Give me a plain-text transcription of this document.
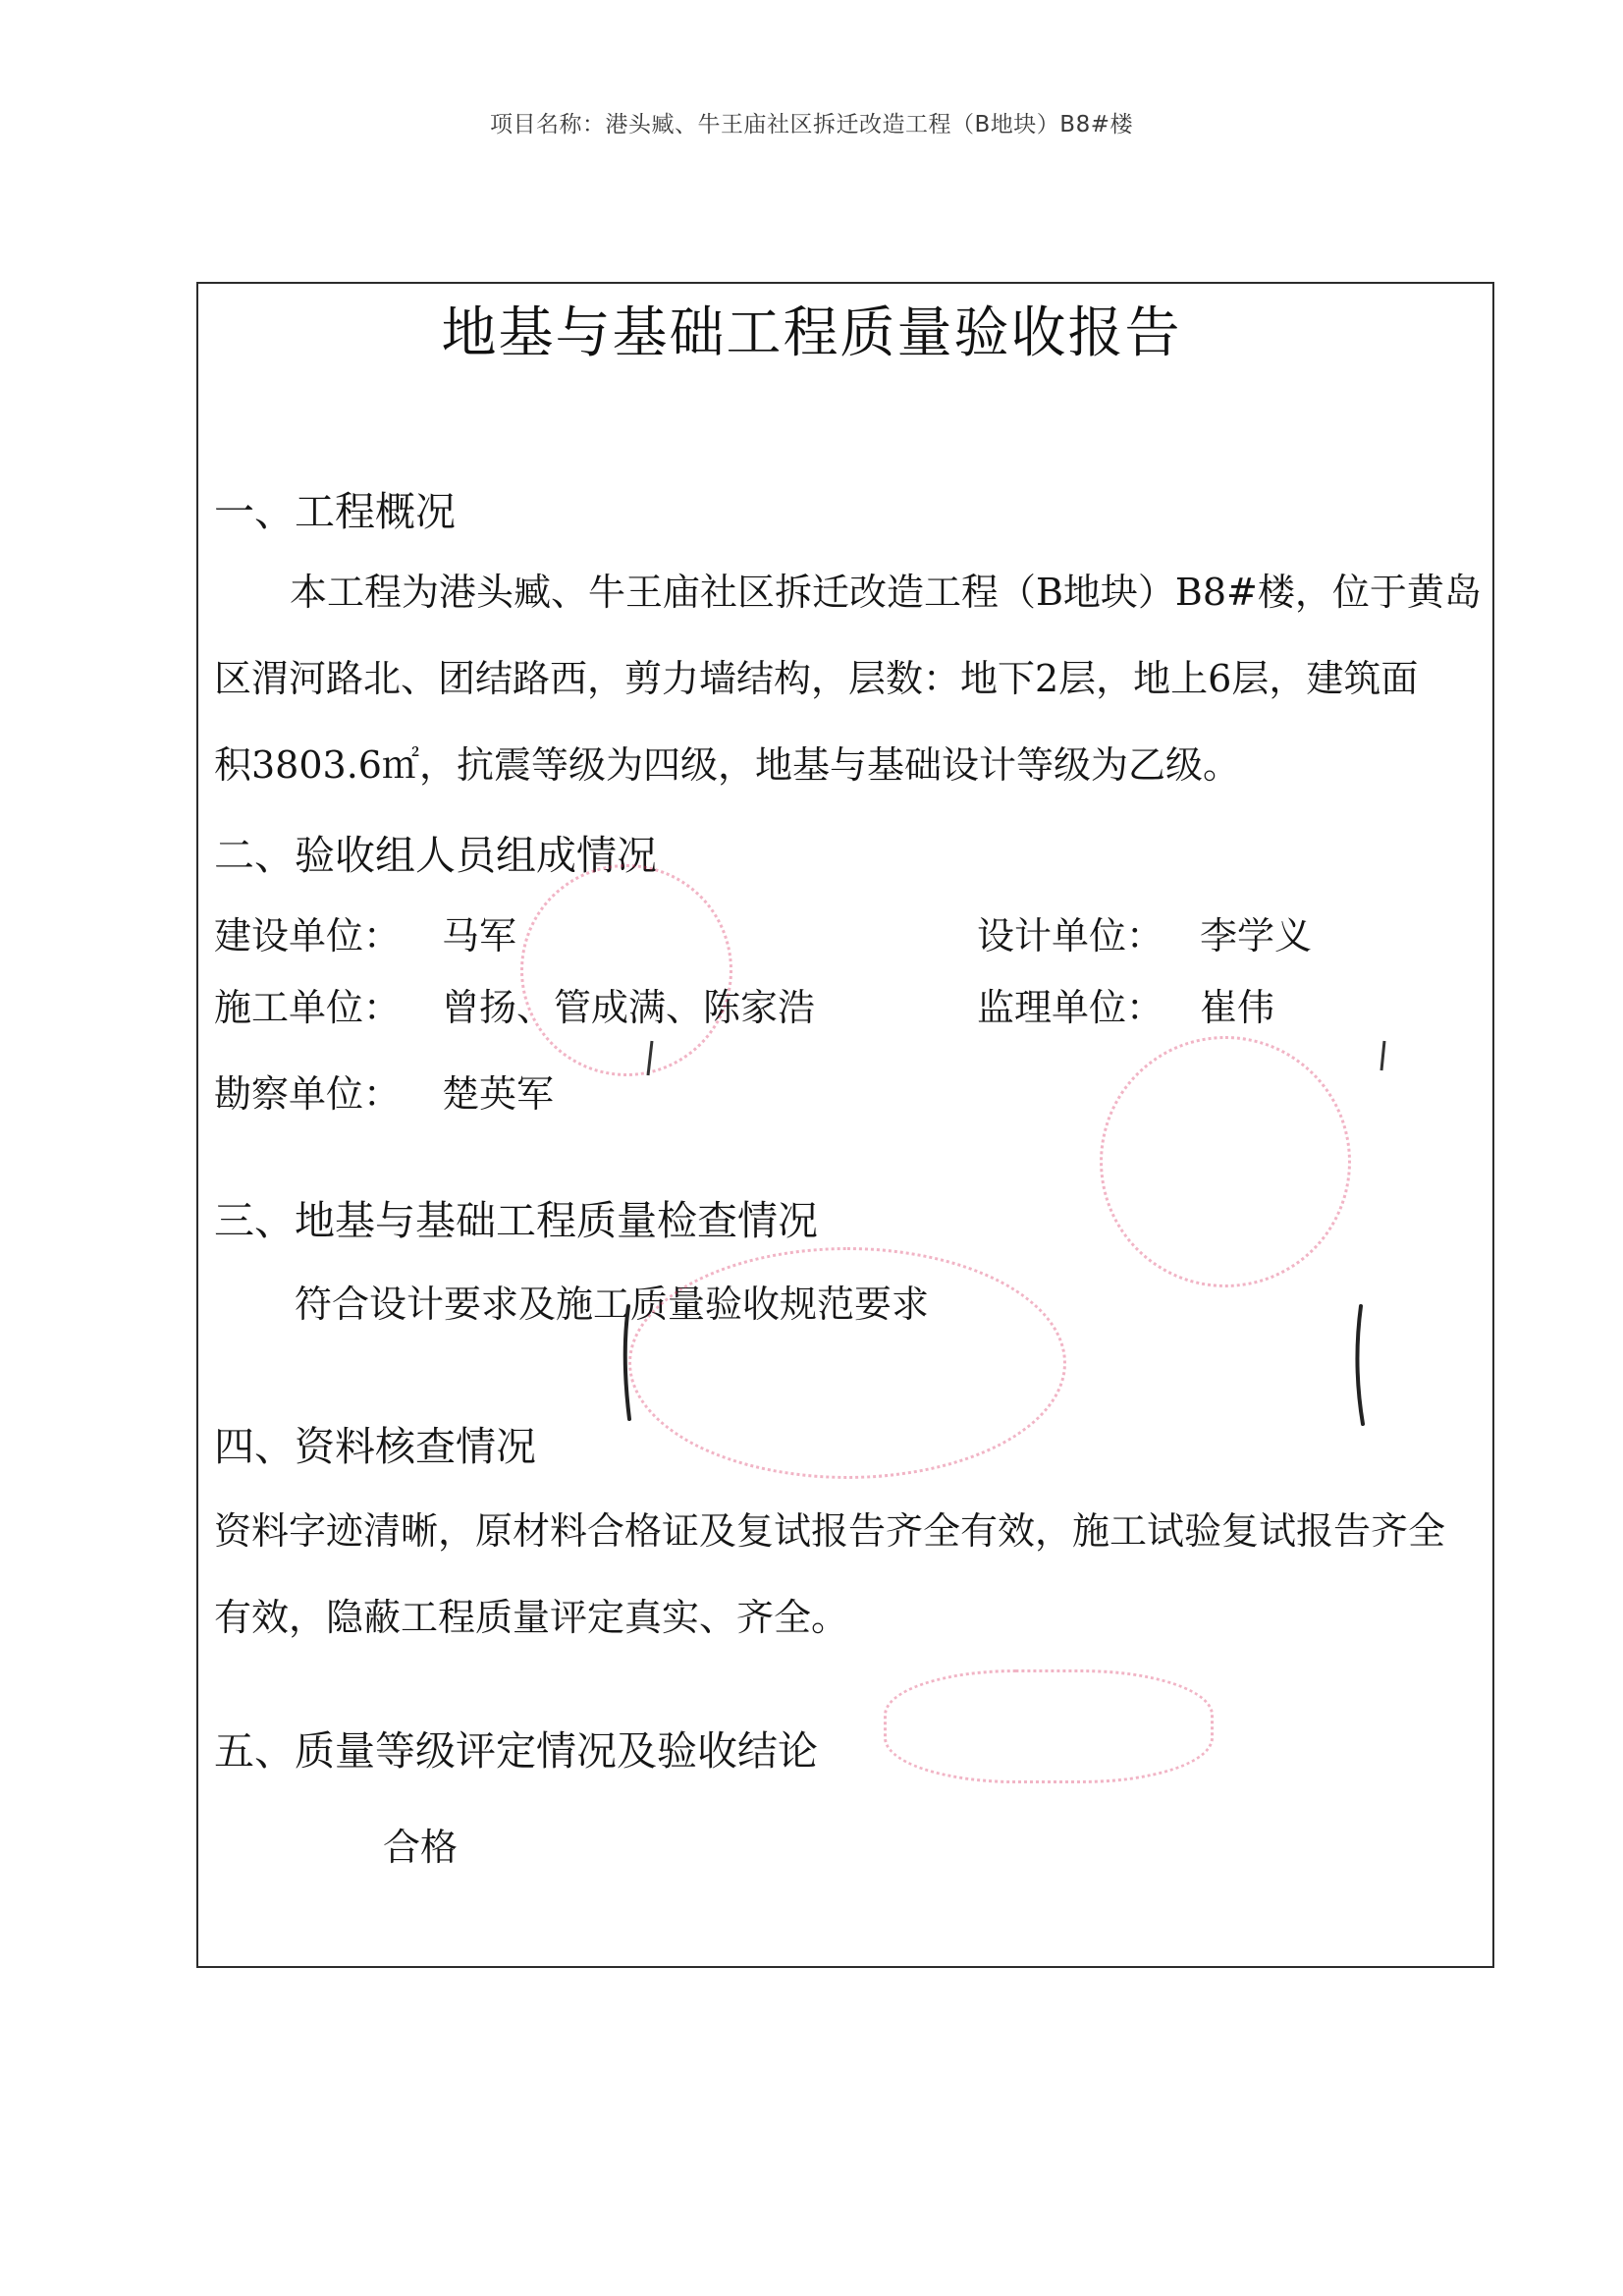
项目名称：港头臧、牛王庙社区拆迁改造工程（B地块）B8#楼
地基与基础工程质量验收报告
一、工程概况
本工程为港头臧、牛王庙社区拆迁改造工程（B地块）B8#楼，位于黄岛
区渭河路北、团结路西，剪力墙结构，层数：地下2层，地上6层，建筑面
积3803.6㎡，抗震等级为四级，地基与基础设计等级为乙级。
二、验收组人员组成情况
建设单位： 马军	设计单位： 李学义
施工单位： 曾扬、管成满、陈家浩	监理单位： 崔伟
勘察单位： 楚英军
三、地基与基础工程质量检查情况
符合设计要求及施工质量验收规范要求
四、资料核查情况
资料字迹清晰，原材料合格证及复试报告齐全有效，施工试验复试报告齐全
有效，隐蔽工程质量评定真实、齐全。
五、质量等级评定情况及验收结论
合格
